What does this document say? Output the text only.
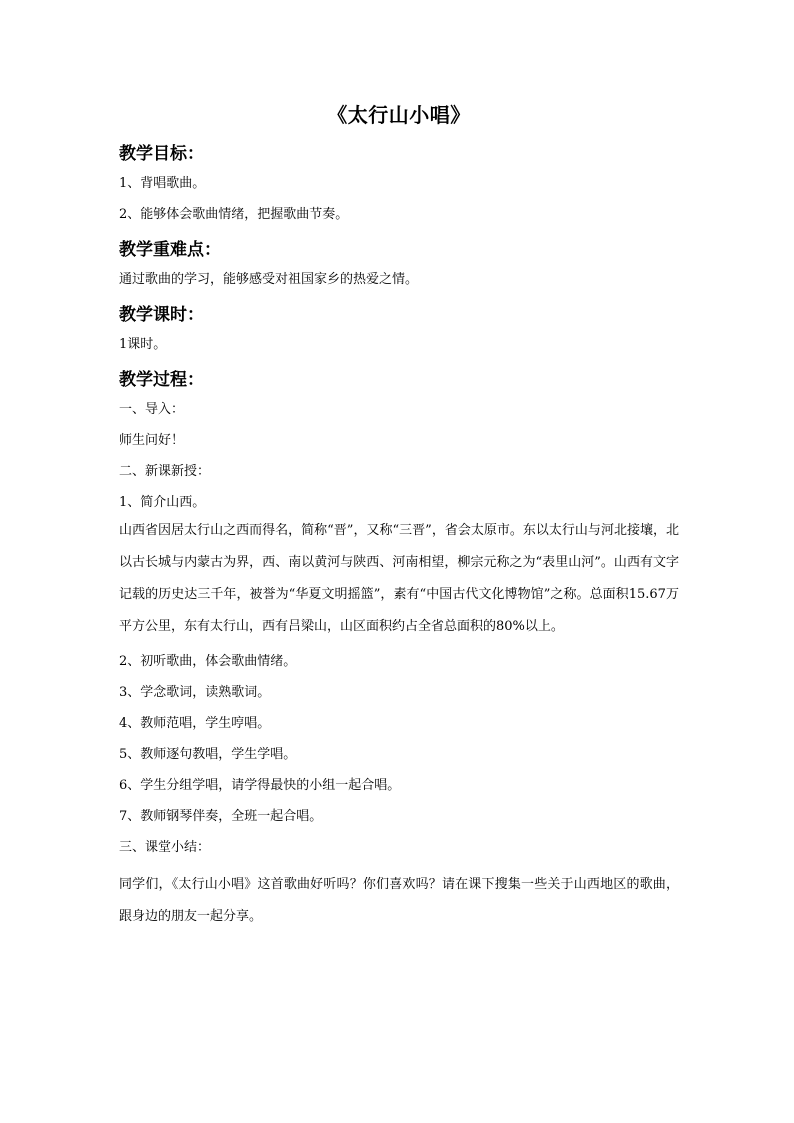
《太行山小唱》
教学目标：
1、背唱歌曲。
2、能够体会歌曲情绪，把握歌曲节奏。
教学重难点：
通过歌曲的学习，能够感受对祖国家乡的热爱之情。
教学课时：
1课时。
教学过程：
一、导入：
师生问好！
二、新课新授：
1、简介山西。
山西省因居太行山之西而得名，简称“晋”，又称“三晋”，省会太原市。东以太行山与河北接壤，北以古长城与内蒙古为界，西、南以黄河与陕西、河南相望，柳宗元称之为“表里山河”。山西有文字记载的历史达三千年，被誉为“华夏文明摇篮”，素有“中国古代文化博物馆”之称。总面积15.67万平方公里，东有太行山，西有吕梁山，山区面积约占全省总面积的80%以上。
2、初听歌曲，体会歌曲情绪。
3、学念歌词，读熟歌词。
4、教师范唱，学生哼唱。
5、教师逐句教唱，学生学唱。
6、学生分组学唱，请学得最快的小组一起合唱。
7、教师钢琴伴奏，全班一起合唱。
三、课堂小结：
同学们，《太行山小唱》这首歌曲好听吗？你们喜欢吗？请在课下搜集一些关于山西地区的歌曲，跟身边的朋友一起分享。
